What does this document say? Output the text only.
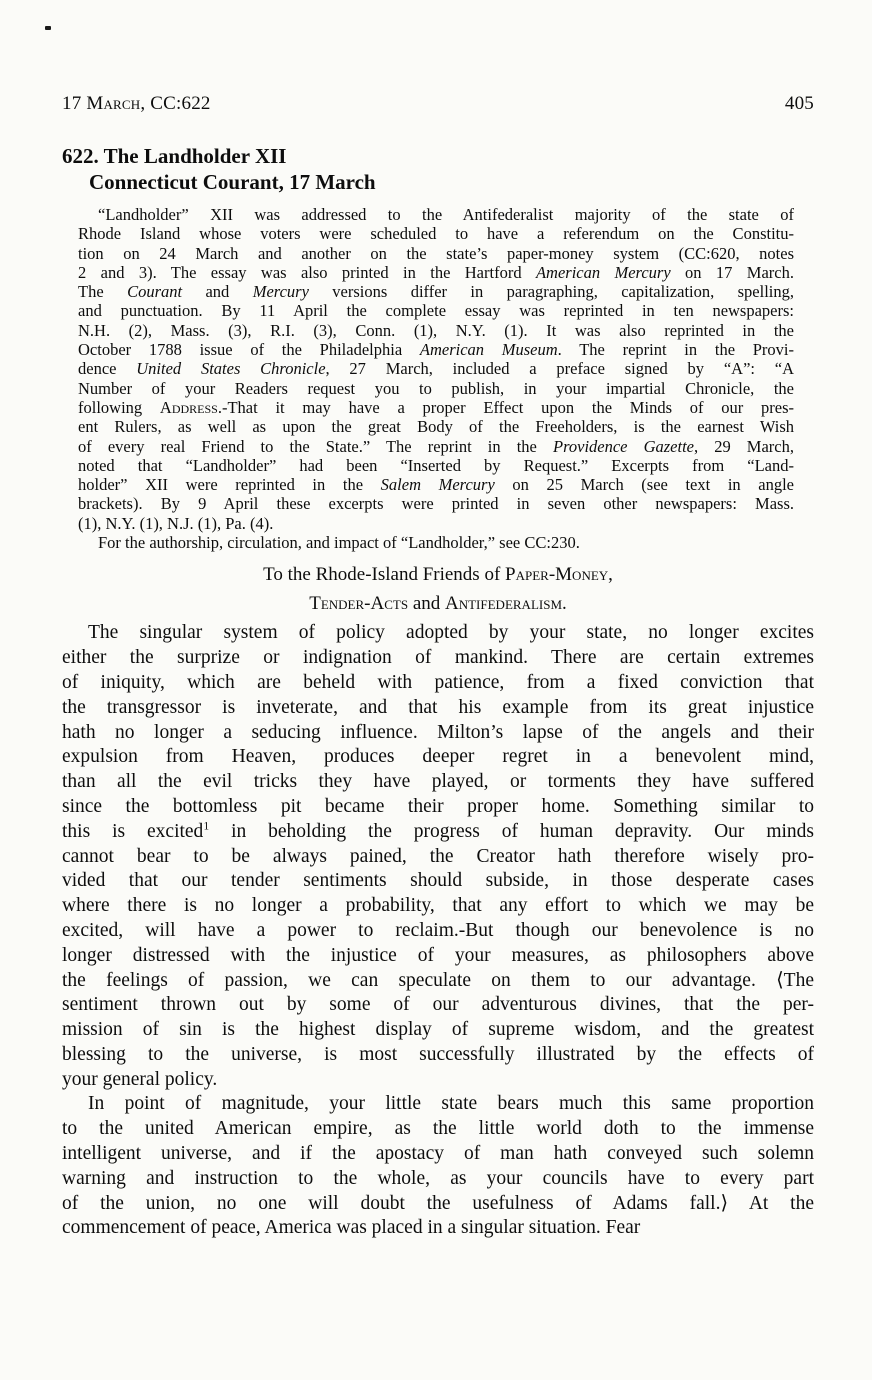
17 March, CC:622	405
622. The Landholder XII
Connecticut Courant, 17 March
“Landholder” XII was addressed to the Antifederalist majority of the state of
Rhode Island whose voters were scheduled to have a referendum on the Constitu-
tion on 24 March and another on the state’s paper-money system (CC:620, notes
2 and 3). The essay was also printed in the Hartford American Mercury on 17 March.
The Courant and Mercury versions differ in paragraphing, capitalization, spelling,
and punctuation. By 11 April the complete essay was reprinted in ten newspapers:
N.H. (2), Mass. (3), R.I. (3), Conn. (1), N.Y. (1). It was also reprinted in the
October 1788 issue of the Philadelphia American Museum. The reprint in the Provi-
dence United States Chronicle, 27 March, included a preface signed by “A”: “A
Number of your Readers request you to publish, in your impartial Chronicle, the
following Address.-That it may have a proper Effect upon the Minds of our pres-
ent Rulers, as well as upon the great Body of the Freeholders, is the earnest Wish
of every real Friend to the State.” The reprint in the Providence Gazette, 29 March,
noted that “Landholder” had been “Inserted by Request.” Excerpts from “Land-
holder” XII were reprinted in the Salem Mercury on 25 March (see text in angle
brackets). By 9 April these excerpts were printed in seven other newspapers: Mass.
(1), N.Y. (1), N.J. (1), Pa. (4).
For the authorship, circulation, and impact of “Landholder,” see CC:230.
To the Rhode-Island Friends of Paper-Money,
Tender-Acts and Antifederalism.
The singular system of policy adopted by your state, no longer excites
either the surprize or indignation of mankind. There are certain extremes
of iniquity, which are beheld with patience, from a fixed conviction that
the transgressor is inveterate, and that his example from its great injustice
hath no longer a seducing influence. Milton’s lapse of the angels and their
expulsion from Heaven, produces deeper regret in a benevolent mind,
than all the evil tricks they have played, or torments they have suffered
since the bottomless pit became their proper home. Something similar to
this is excited$^1$ in beholding the progress of human depravity. Our minds
cannot bear to be always pained, the Creator hath therefore wisely pro-
vided that our tender sentiments should subside, in those desperate cases
where there is no longer a probability, that any effort to which we may be
excited, will have a power to reclaim.-But though our benevolence is no
longer distressed with the injustice of your measures, as philosophers above
the feelings of passion, we can speculate on them to our advantage. ⟨The
sentiment thrown out by some of our adventurous divines, that the per-
mission of sin is the highest display of supreme wisdom, and the greatest
blessing to the universe, is most successfully illustrated by the effects of
your general policy.
In point of magnitude, your little state bears much this same proportion
to the united American empire, as the little world doth to the immense
intelligent universe, and if the apostacy of man hath conveyed such solemn
warning and instruction to the whole, as your councils have to every part
of the union, no one will doubt the usefulness of Adams fall.⟩ At the
commencement of peace, America was placed in a singular situation. Fear
